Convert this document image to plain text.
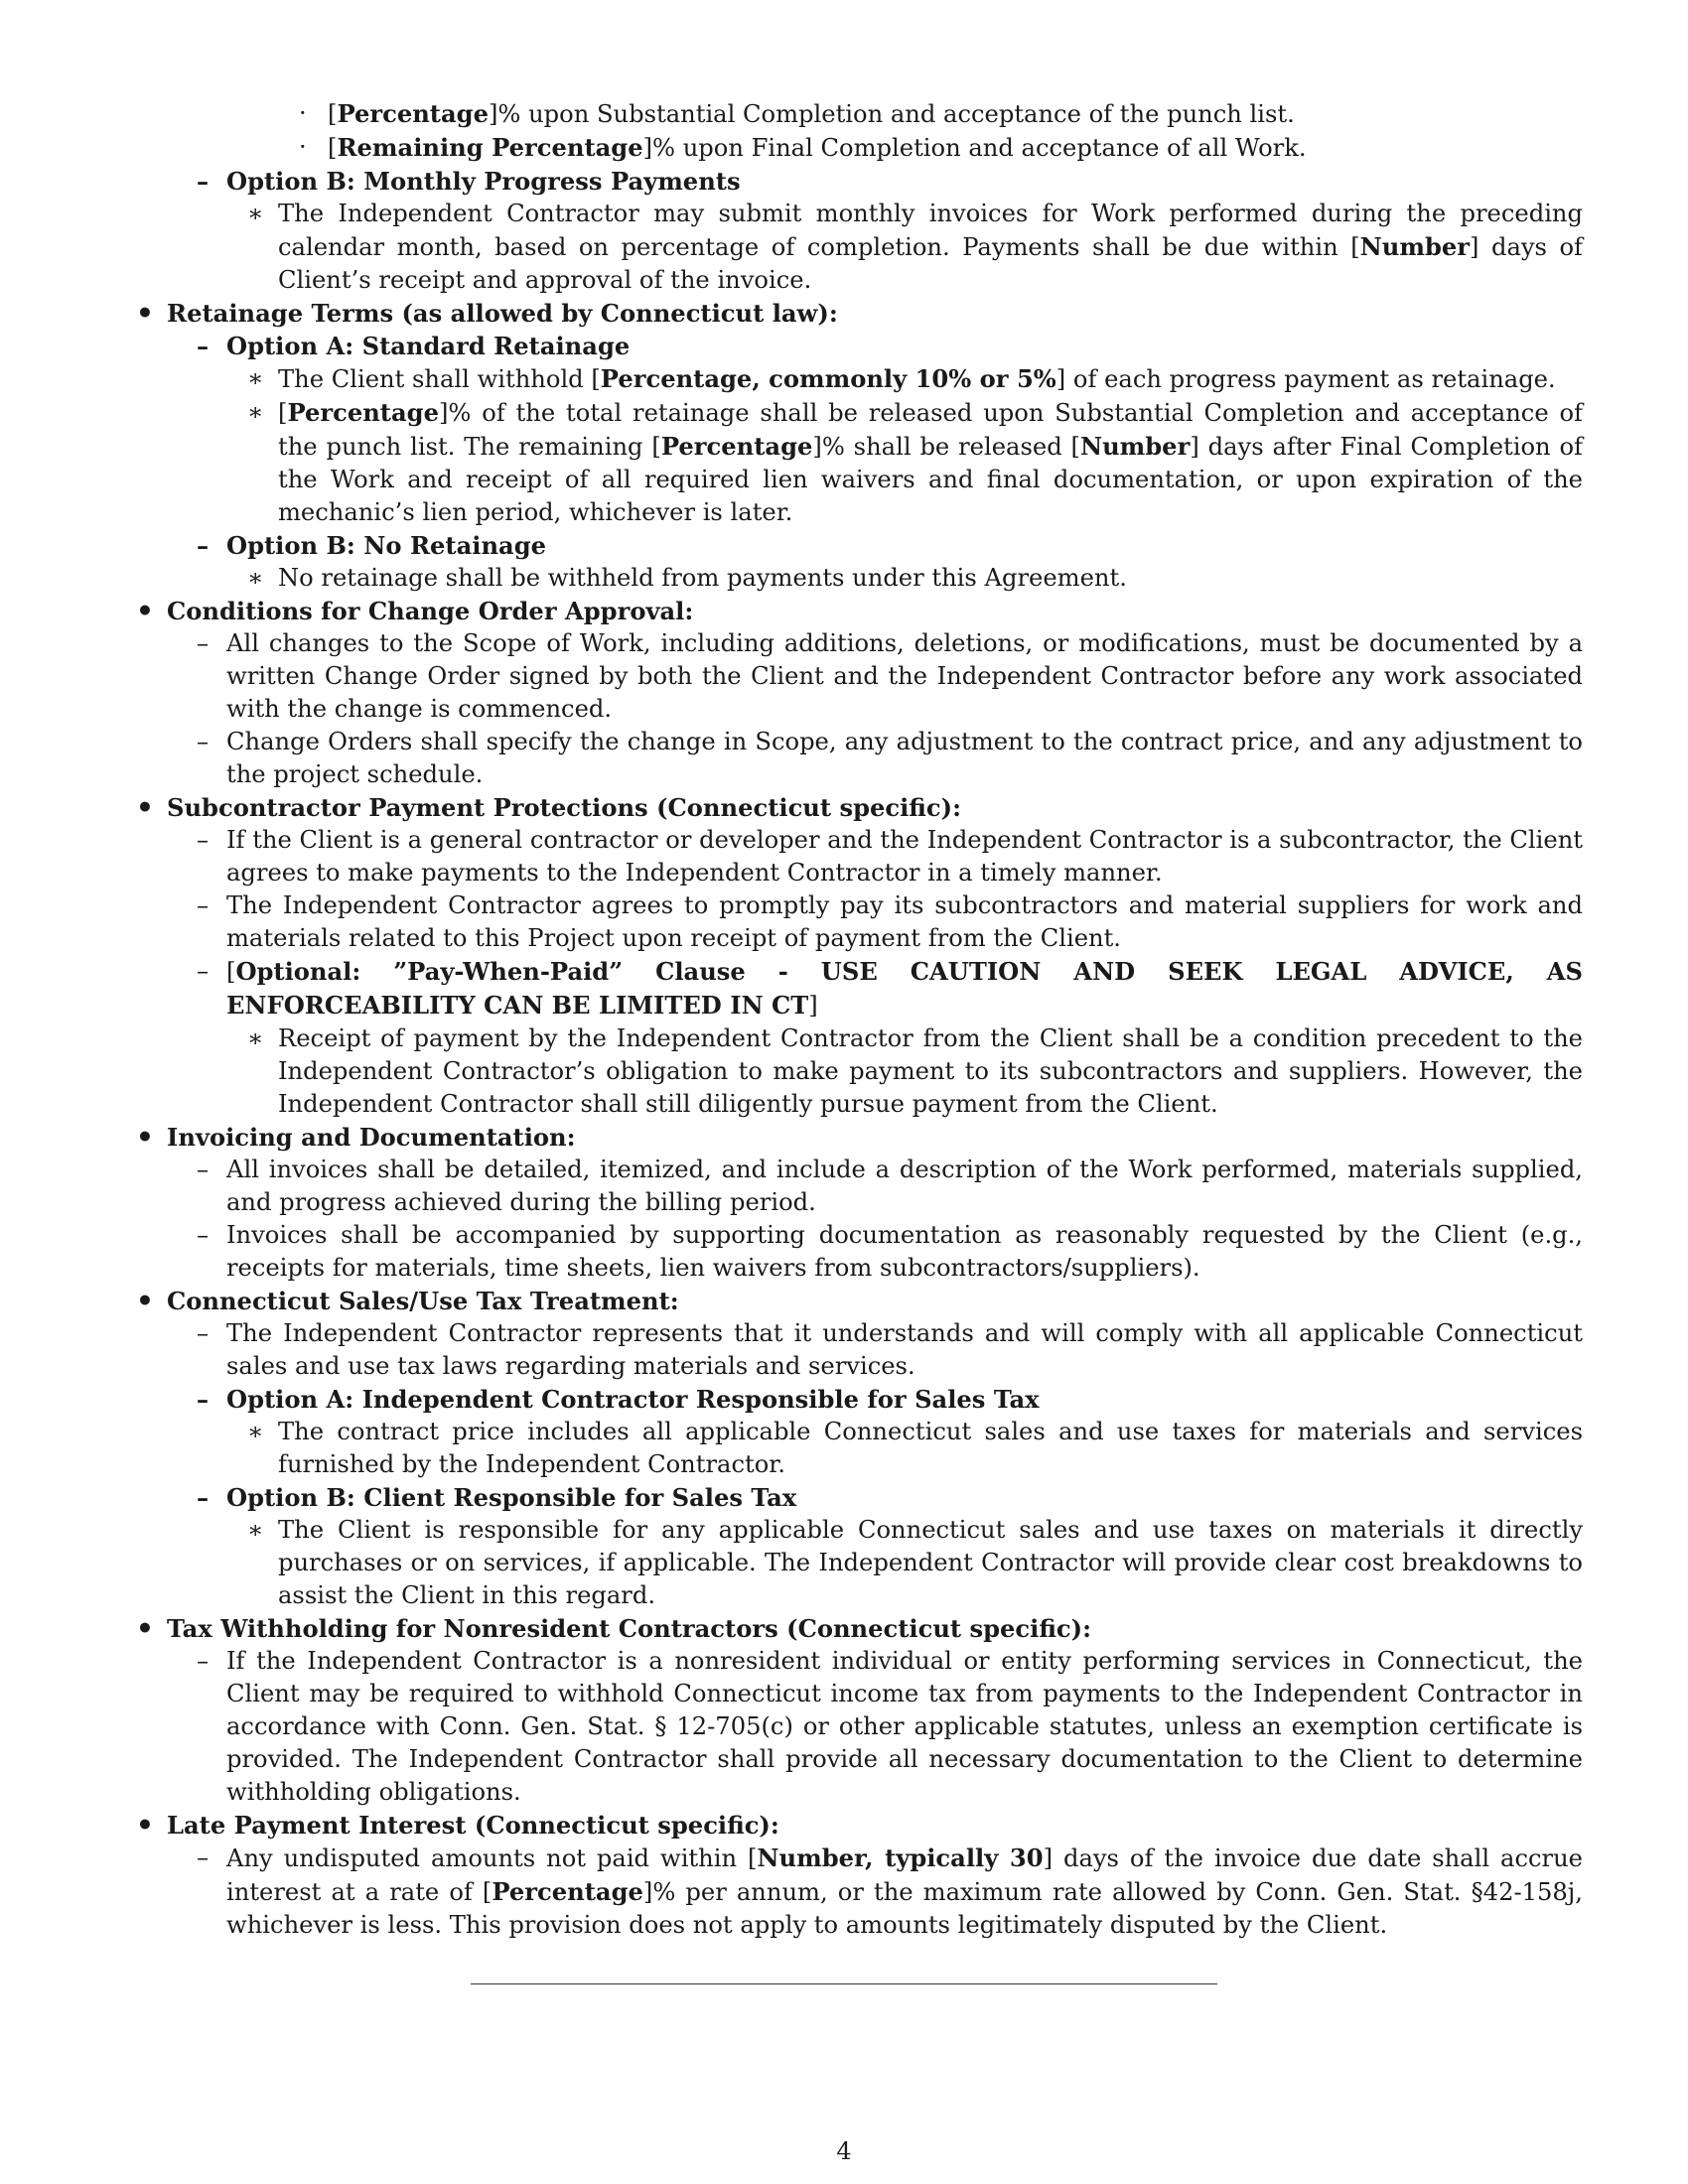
· [Percentage]% upon Substantial Completion and acceptance of the punch list.
· [Remaining Percentage]% upon Final Completion and acceptance of all Work.
– Option B: Monthly Progress Payments
∗ The Independent Contractor may submit monthly invoices for Work performed during the preceding calendar month, based on percentage of completion. Payments shall be due within [Number] days of Client’s receipt and approval of the invoice.
• Retainage Terms (as allowed by Connecticut law):
– Option A: Standard Retainage
∗ The Client shall withhold [Percentage, commonly 10% or 5%] of each progress payment as retainage.
∗ [Percentage]% of the total retainage shall be released upon Substantial Completion and acceptance of the punch list. The remaining [Percentage]% shall be released [Number] days after Final Completion of the Work and receipt of all required lien waivers and final documentation, or upon expiration of the mechanic’s lien period, whichever is later.
– Option B: No Retainage
∗ No retainage shall be withheld from payments under this Agreement.
• Conditions for Change Order Approval:
– All changes to the Scope of Work, including additions, deletions, or modifications, must be documented by a written Change Order signed by both the Client and the Independent Contractor before any work associated with the change is commenced.
– Change Orders shall specify the change in Scope, any adjustment to the contract price, and any adjustment to the project schedule.
• Subcontractor Payment Protections (Connecticut specific):
– If the Client is a general contractor or developer and the Independent Contractor is a subcontractor, the Client agrees to make payments to the Independent Contractor in a timely manner.
– The Independent Contractor agrees to promptly pay its subcontractors and material suppliers for work and materials related to this Project upon receipt of payment from the Client.
– [Optional: ”Pay-When-Paid” Clause - USE CAUTION AND SEEK LEGAL ADVICE, AS ENFORCEABILITY CAN BE LIMITED IN CT]
∗ Receipt of payment by the Independent Contractor from the Client shall be a condition precedent to the Independent Contractor’s obligation to make payment to its subcontractors and suppliers. However, the Independent Contractor shall still diligently pursue payment from the Client.
• Invoicing and Documentation:
– All invoices shall be detailed, itemized, and include a description of the Work performed, materials supplied, and progress achieved during the billing period.
– Invoices shall be accompanied by supporting documentation as reasonably requested by the Client (e.g., receipts for materials, time sheets, lien waivers from subcontractors/suppliers).
• Connecticut Sales/Use Tax Treatment:
– The Independent Contractor represents that it understands and will comply with all applicable Connecticut sales and use tax laws regarding materials and services.
– Option A: Independent Contractor Responsible for Sales Tax
∗ The contract price includes all applicable Connecticut sales and use taxes for materials and services furnished by the Independent Contractor.
– Option B: Client Responsible for Sales Tax
∗ The Client is responsible for any applicable Connecticut sales and use taxes on materials it directly purchases or on services, if applicable. The Independent Contractor will provide clear cost breakdowns to assist the Client in this regard.
• Tax Withholding for Nonresident Contractors (Connecticut specific):
– If the Independent Contractor is a nonresident individual or entity performing services in Connecticut, the Client may be required to withhold Connecticut income tax from payments to the Independent Contractor in accordance with Conn. Gen. Stat. § 12-705(c) or other applicable statutes, unless an exemption certificate is provided. The Independent Contractor shall provide all necessary documentation to the Client to determine withholding obligations.
• Late Payment Interest (Connecticut specific):
– Any undisputed amounts not paid within [Number, typically 30] days of the invoice due date shall accrue interest at a rate of [Percentage]% per annum, or the maximum rate allowed by Conn. Gen. Stat. §42-158j, whichever is less. This provision does not apply to amounts legitimately disputed by the Client.
4
